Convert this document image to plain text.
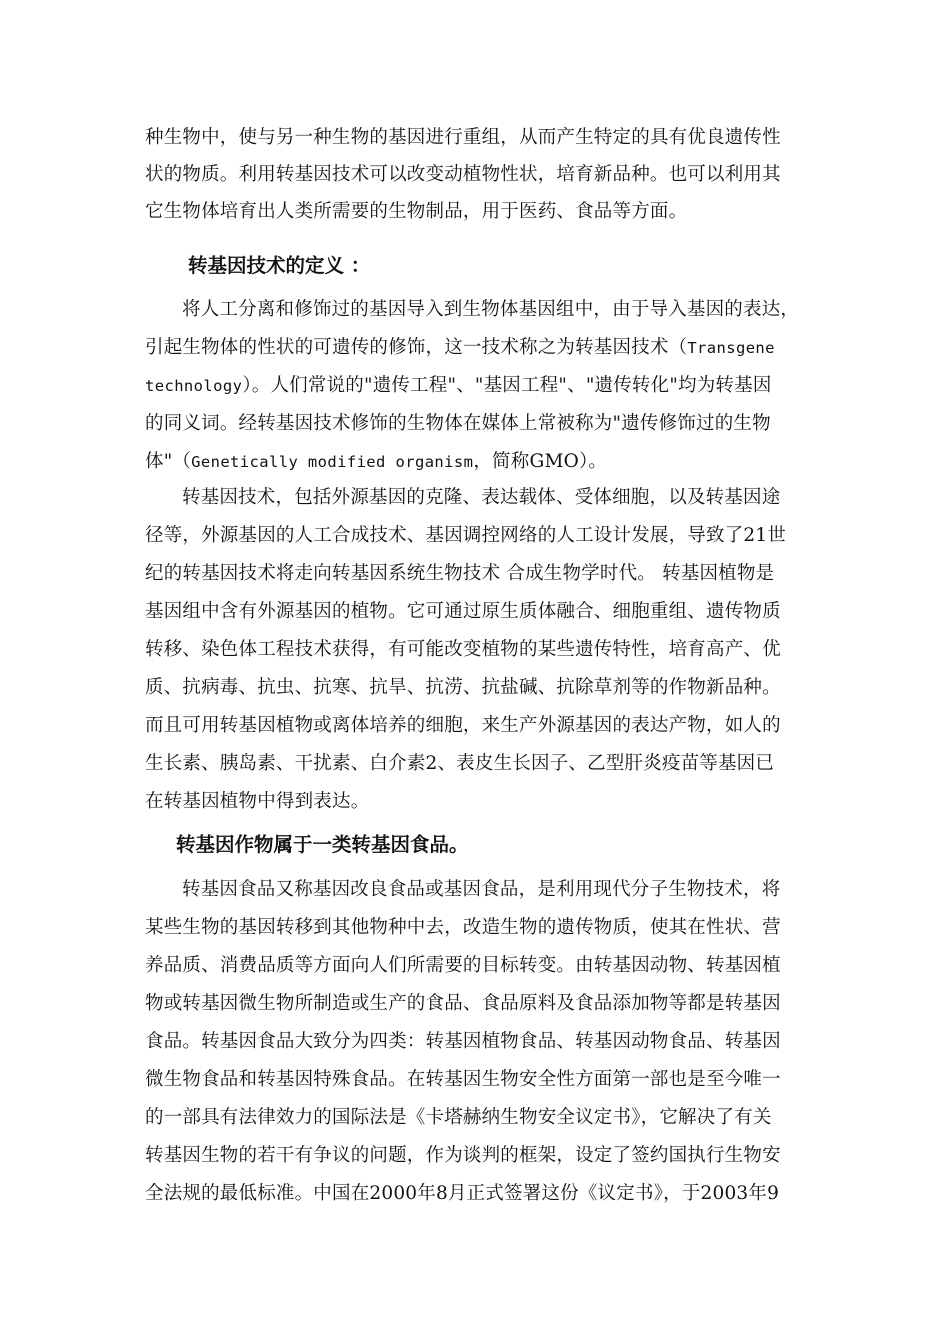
种生物中，使与另一种生物的基因进行重组，从而产生特定的具有优良遗传性
状的物质。利用转基因技术可以改变动植物性状，培育新品种。也可以利用其
它生物体培育出人类所需要的生物制品，用于医药、食品等方面。
转基因技术的定义 ：
将人工分离和修饰过的基因导入到生物体基因组中，由于导入基因的表达，
引起生物体的性状的可遗传的修饰，这一技术称之为转基因技术（Transgene
technology）。人们常说的"遗传工程"、"基因工程"、"遗传转化"均为转基因
的同义词。经转基因技术修饰的生物体在媒体上常被称为"遗传修饰过的生物
体"（Genetically modified organism，简称GMO）。
转基因技术，包括外源基因的克隆、表达载体、受体细胞，以及转基因途
径等，外源基因的人工合成技术、基因调控网络的人工设计发展，导致了21世
纪的转基因技术将走向转基因系统生物技术 合成生物学时代。 转基因植物是
基因组中含有外源基因的植物。它可通过原生质体融合、细胞重组、遗传物质
转移、染色体工程技术获得，有可能改变植物的某些遗传特性，培育高产、优
质、抗病毒、抗虫、抗寒、抗旱、抗涝、抗盐碱、抗除草剂等的作物新品种。
而且可用转基因植物或离体培养的细胞，来生产外源基因的表达产物，如人的
生长素、胰岛素、干扰素、白介素2、表皮生长因子、乙型肝炎疫苗等基因已
在转基因植物中得到表达。
转基因作物属于一类转基因食品。
转基因食品又称基因改良食品或基因食品，是利用现代分子生物技术，将
某些生物的基因转移到其他物种中去，改造生物的遗传物质，使其在性状、营
养品质、消费品质等方面向人们所需要的目标转变。由转基因动物、转基因植
物或转基因微生物所制造或生产的食品、食品原料及食品添加物等都是转基因
食品。转基因食品大致分为四类：转基因植物食品、转基因动物食品、转基因
微生物食品和转基因特殊食品。在转基因生物安全性方面第一部也是至今唯一
的一部具有法律效力的国际法是《卡塔赫纳生物安全议定书》，它解决了有关
转基因生物的若干有争议的问题，作为谈判的框架，设定了签约国执行生物安
全法规的最低标准。中国在2000年8月正式签署这份《议定书》，于2003年9
